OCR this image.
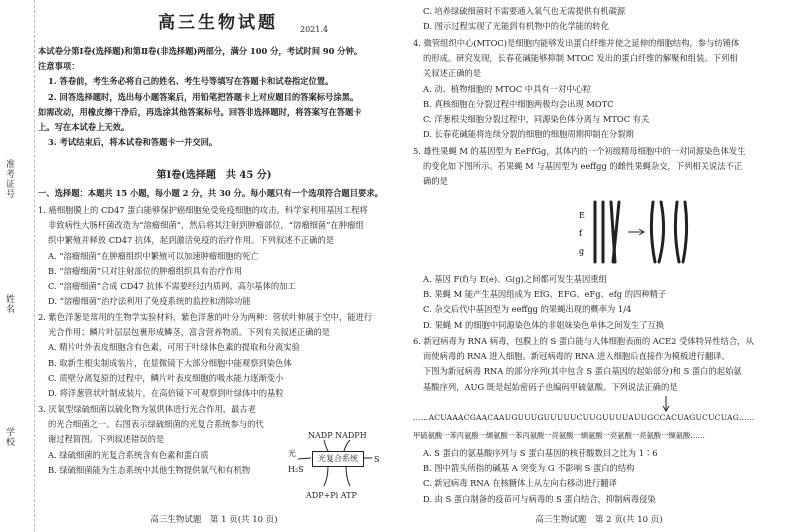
准考证号
姓名
学校
高三生物试题	2021.4
本试卷分第Ⅰ卷(选择题)和第Ⅱ卷(非选择题)两部分，满分 100 分，考试时间 90 分钟。
注意事项：
1. 答卷前，考生务必将自己的姓名、考生号等填写在答题卡和试卷指定位置。
2. 回答选择题时，选出每小题答案后，用铅笔把答题卡上对应题目的答案标号涂黑。
如需改动，用橡皮擦干净后，再选涂其他答案标号。回答非选择题时，将答案写在答题卡
上。写在本试卷上无效。
3. 考试结束后，将本试卷和答题卡一并交回。
第Ⅰ卷(选择题　共 45 分)
一、选择题：本题共 15 小题，每小题 2 分，共 30 分。每小题只有一个选项符合题目要求。
1. 癌细胞膜上的 CD47 蛋白能够保护癌细胞免受免疫细胞的攻击。科学家利用基因工程将
非致病性大肠杆菌改造为“溶瘤细菌”，然后将其注射到肿瘤部位，“溶瘤细菌”在肿瘤组
织中繁殖并释放 CD47 抗体，起到激活免疫的治疗作用。下列叙述不正确的是
A. “溶瘤细菌”在肿瘤组织中繁殖可以加速肿瘤细胞的死亡
B. “溶瘤细菌”只对注射部位的肿瘤组织具有治疗作用
C. “溶瘤细菌”合成 CD47 抗体不需要经过内质网、高尔基体的加工
D. “溶瘤细菌”治疗法利用了免疫系统的监控和清除功能
2. 紫色洋葱是常用的生物学实验材料，紫色洋葱的叶分为两种：管状叶伸展于空中，能进行
光合作用；鳞片叶层层包裹形成鳞茎，富含营养物质。下列有关叙述正确的是
A. 精片叶外表皮细胞含有色素，可用于叶绿体色素的提取和分离实验
B. 取新生根尖制成装片，在显微镜下大部分细胞中能观察到染色体
C. 质壁分离复原的过程中，鳞片叶表皮细胞的吸水能力逐渐变小
D. 将洋葱管状叶制成装片，在高倍镜下可观察到叶绿体中的基粒
3. 厌氧型绿硫细菌以硫化物为氢供体进行光合作用，最古老
的光合细菌之一。右图表示绿硫细菌的光复合系统参与的代
谢过程简图。下列叙述错误的是
A. 绿硫细菌的光复合系统含有色素和蛋白质
B. 绿硫细菌能为生态系统中其他生物提供氧气和有机物
NADP NADPH
光
H₂S
光复合系统	S
ADP+Pi ATP
高三生物试题　第 1 页(共 10 页)
C. 培养绿硫细菌时不需要通入氧气也无需提供有机碳源
D. 图示过程实现了光能到有机物中的化学能的转化
4. 微管组织中心(MTOC)是细胞内能够发出蛋白纤维并使之延伸的细胞结构，参与纺锤体
的形成。研究发现，长春花碱能够抑制 MTOC 发出的蛋白纤维的解聚和组装。下列相
关叙述正确的是
A. 动、植物细胞的 MTOC 中具有一对中心粒
B. 真核细胞在分裂过程中细胞两极均会出现 MOTC
C. 洋葱根尖细胞分裂过程中，同源染色体分离与 MTOC 有关
D. 长春花碱能将连续分裂的细胞的细胞周期抑制在分裂期
5. 雄性果蝇 M 的基因型为 EeFfGg，其体内的一个初级精母细胞中的一对同源染色体发生
的变化如下图所示。若果蝇 M 与基因型为 eeffgg 的雌性果蝇杂交，下列相关说法不正
确的是
E
f
g
A. 基因 F(f)与 E(e)、G(g)之间都可发生基因重组
B. 果蝇 M 能产生基因组成为 EfG、EFG、eFg、efg 的四种精子
C. 杂交后代中基因型为 eeffgg 的果蝇出现的概率为 1/4
D. 果蝇 M 的细胞中同源染色体的非姐妹染色单体之间发生了互换
6. 新冠病毒为 RNA 病毒，包膜上的 S 蛋白能与人体细胞表面的 ACE2 受体特异性结合，从
而使病毒的 RNA 进入细胞。新冠病毒的 RNA 进入细胞后直接作为模板进行翻译。
下图为新冠病毒 RNA 的部分序列(其中包含 S 蛋白基因的起始部分)和 S 蛋白的起始氨
基酸序列，AUG 既是起始密码子也编码甲硫氨酸。下列说法正确的是
……ACUAAACGAACAAUGUUUGUUUUUCUUGUUUUAUUGCCACUAGUCUCUAG……
甲硫氨酸一苯丙氨酸一缬氨酸一苯丙氨酸一亮氨酸一缬氨酸一亮氨酸一亮氨酸一缬氨酸……
A. S 蛋白的氨基酸序列与 S 蛋白基因的核苷酸数目之比为 1∶6
B. 图中箭头所指的碱基 A 突变为 G 不影响 S 蛋白的结构
C. 新冠病毒 RNA 在核糖体上从左向右移动进行翻译
D. 由 S 蛋白制备的疫苗可与病毒的 S 蛋白结合，抑制病毒侵染
高三生物试题　第 2 页(共 10 页)
